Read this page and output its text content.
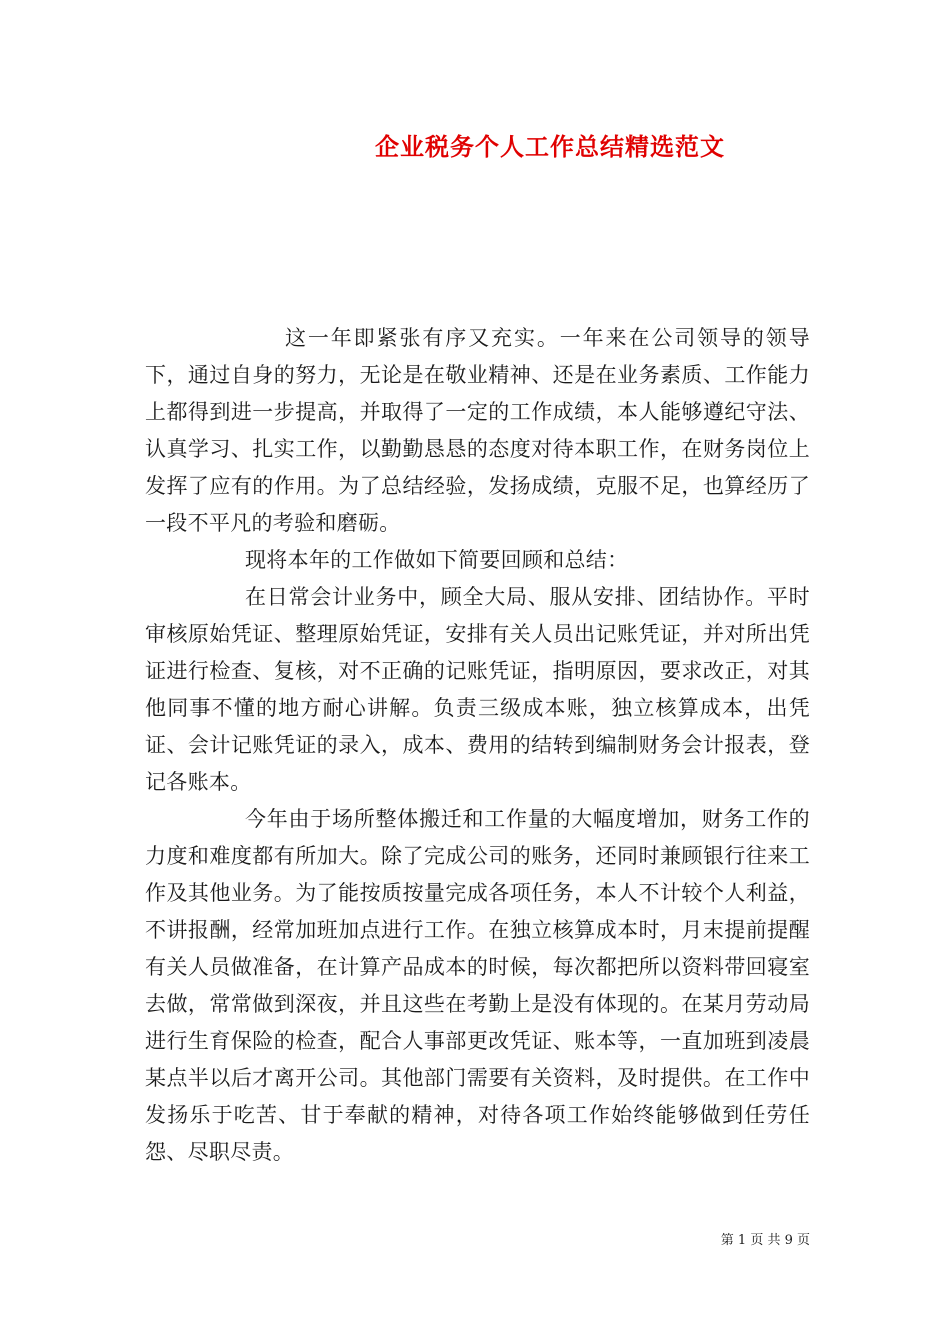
企业税务个人工作总结精选范文

这一年即紧张有序又充实。一年来在公司领导的领导下，通过自身的努力，无论是在敬业精神、还是在业务素质、工作能力上都得到进一步提高，并取得了一定的工作成绩，本人能够遵纪守法、认真学习、扎实工作，以勤勤恳恳的态度对待本职工作，在财务岗位上发挥了应有的作用。为了总结经验，发扬成绩，克服不足，也算经历了一段不平凡的考验和磨砺。

现将本年的工作做如下简要回顾和总结：

在日常会计业务中，顾全大局、服从安排、团结协作。平时审核原始凭证、整理原始凭证，安排有关人员出记账凭证，并对所出凭证进行检查、复核，对不正确的记账凭证，指明原因，要求改正，对其他同事不懂的地方耐心讲解。负责三级成本账，独立核算成本，出凭证、会计记账凭证的录入，成本、费用的结转到编制财务会计报表，登记各账本。

今年由于场所整体搬迁和工作量的大幅度增加，财务工作的力度和难度都有所加大。除了完成公司的账务，还同时兼顾银行往来工作及其他业务。为了能按质按量完成各项任务，本人不计较个人利益，不讲报酬，经常加班加点进行工作。在独立核算成本时，月末提前提醒有关人员做准备，在计算产品成本的时候，每次都把所以资料带回寝室去做，常常做到深夜，并且这些在考勤上是没有体现的。在某月劳动局进行生育保险的检查，配合人事部更改凭证、账本等，一直加班到凌晨某点半以后才离开公司。其他部门需要有关资料，及时提供。在工作中发扬乐于吃苦、甘于奉献的精神，对待各项工作始终能够做到任劳任怨、尽职尽责。

第 1 页 共 9 页
